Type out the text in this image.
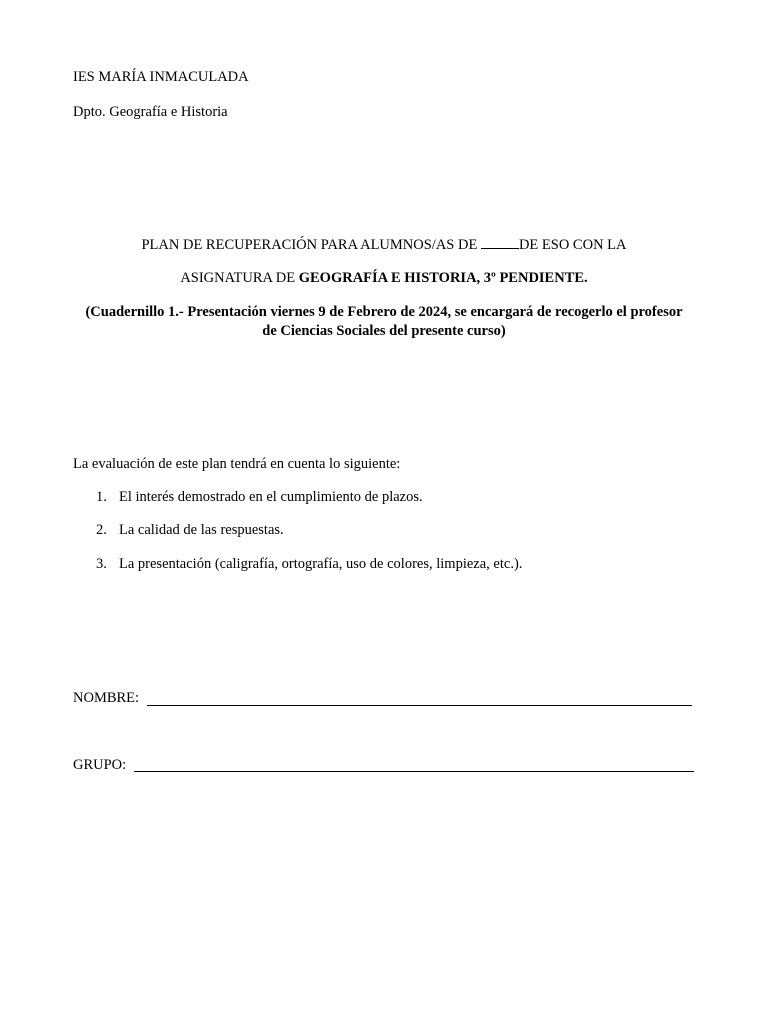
IES MARÍA INMACULADA
Dpto. Geografía e Historia
PLAN DE RECUPERACIÓN PARA ALUMNOS/AS DE	DE ESO CON LA
ASIGNATURA DE GEOGRAFÍA E HISTORIA, 3º PENDIENTE.
(Cuadernillo 1.- Presentación viernes 9 de Febrero de 2024, se encargará de recogerlo el profesor
de Ciencias Sociales del presente curso)
La evaluación de este plan tendrá en cuenta lo siguiente:
1. El interés demostrado en el cumplimiento de plazos.
2. La calidad de las respuestas.
3. La presentación (caligrafía, ortografía, uso de colores, limpieza, etc.).
NOMBRE:
GRUPO:
